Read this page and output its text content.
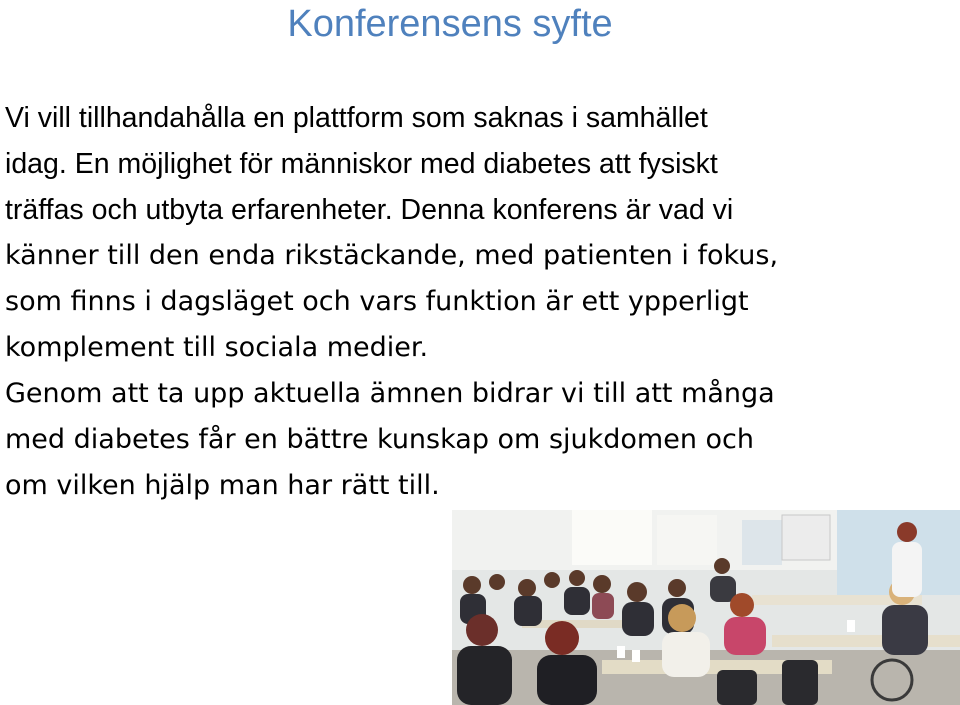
Konferensens syfte

Vi vill tillhandahålla en plattform som saknas i samhället

idag. En möjlighet för människor med diabetes att fysiskt

träffas och utbyta erfarenheter. Denna konferens är vad vi

känner till den enda rikstäckande, med patienten i fokus,

som finns i dagsläget och vars funktion är ett ypperligt

komplement till sociala medier.

Genom att ta upp aktuella ämnen bidrar vi till att många

med diabetes får en bättre kunskap om sjukdomen och

om vilken hjälp man har rätt till.
